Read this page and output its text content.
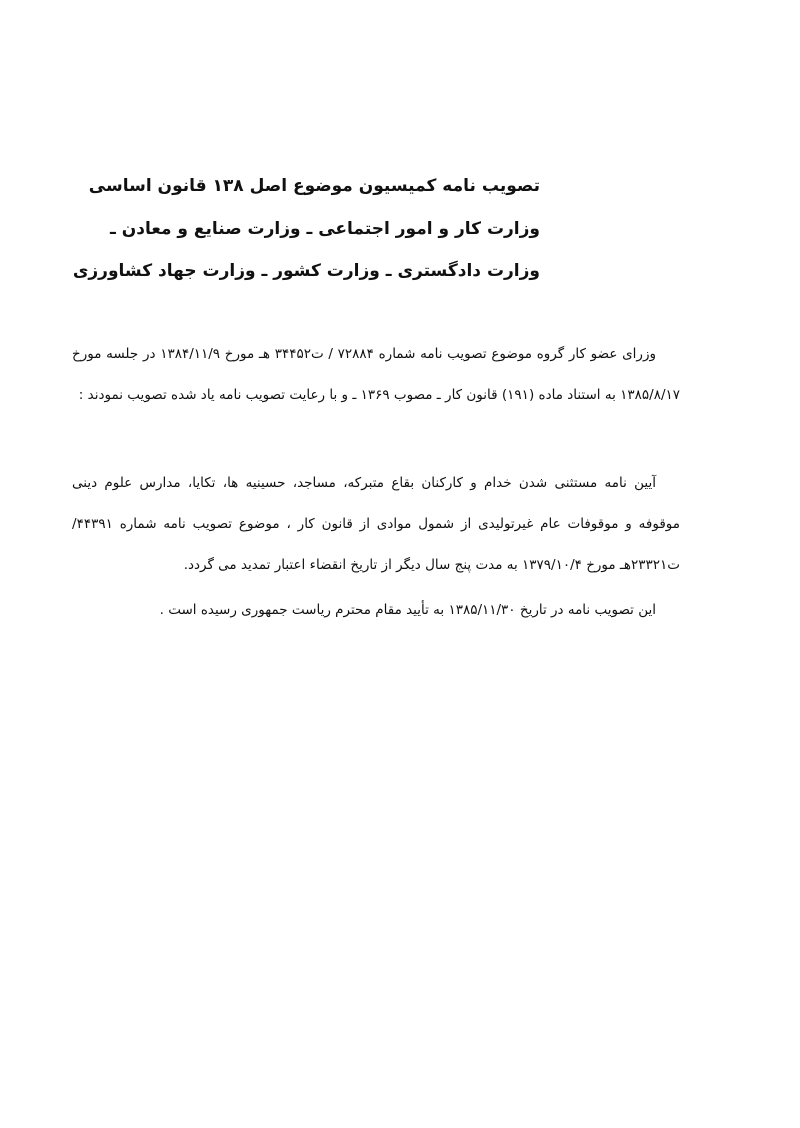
تصویب نامه کمیسیون موضوع اصل ۱۳۸ قانون اساسی
وزارت کار و امور اجتماعی ـ وزارت صنایع و معادن ـ
وزارت دادگستری ـ وزارت کشور ـ وزارت جهاد کشاورزی
وزرای عضو کار گروه موضوع تصویب نامه شماره ۷۲۸۸۴ / ت۳۴۴۵۲ هـ مورخ ۱۳۸۴/۱۱/۹ در جلسه مورخ ۱۳۸۵/۸/۱۷ به استناد ماده (۱۹۱) قانون کار ـ مصوب ۱۳۶۹ ـ و با رعایت تصویب نامه یاد شده تصویب نمودند :
آیین نامه مستثنی شدن خدام و کارکنان بقاع متبرکه، مساجد، حسینیه ها، تکایا، مدارس علوم دینی موقوفه و موقوفات عام غیرتولیدی از شمول موادی از قانون کار ، موضوع تصویب نامه شماره ۴۴۳۹۱/ت۲۳۳۲۱هـ مورخ ۱۳۷۹/۱۰/۴ به مدت پنج سال دیگر از تاریخ انقضاء اعتبار تمدید می گردد.
این تصویب نامه در تاریخ ۱۳۸۵/۱۱/۳۰ به تأیید مقام محترم ریاست جمهوری رسیده است .
